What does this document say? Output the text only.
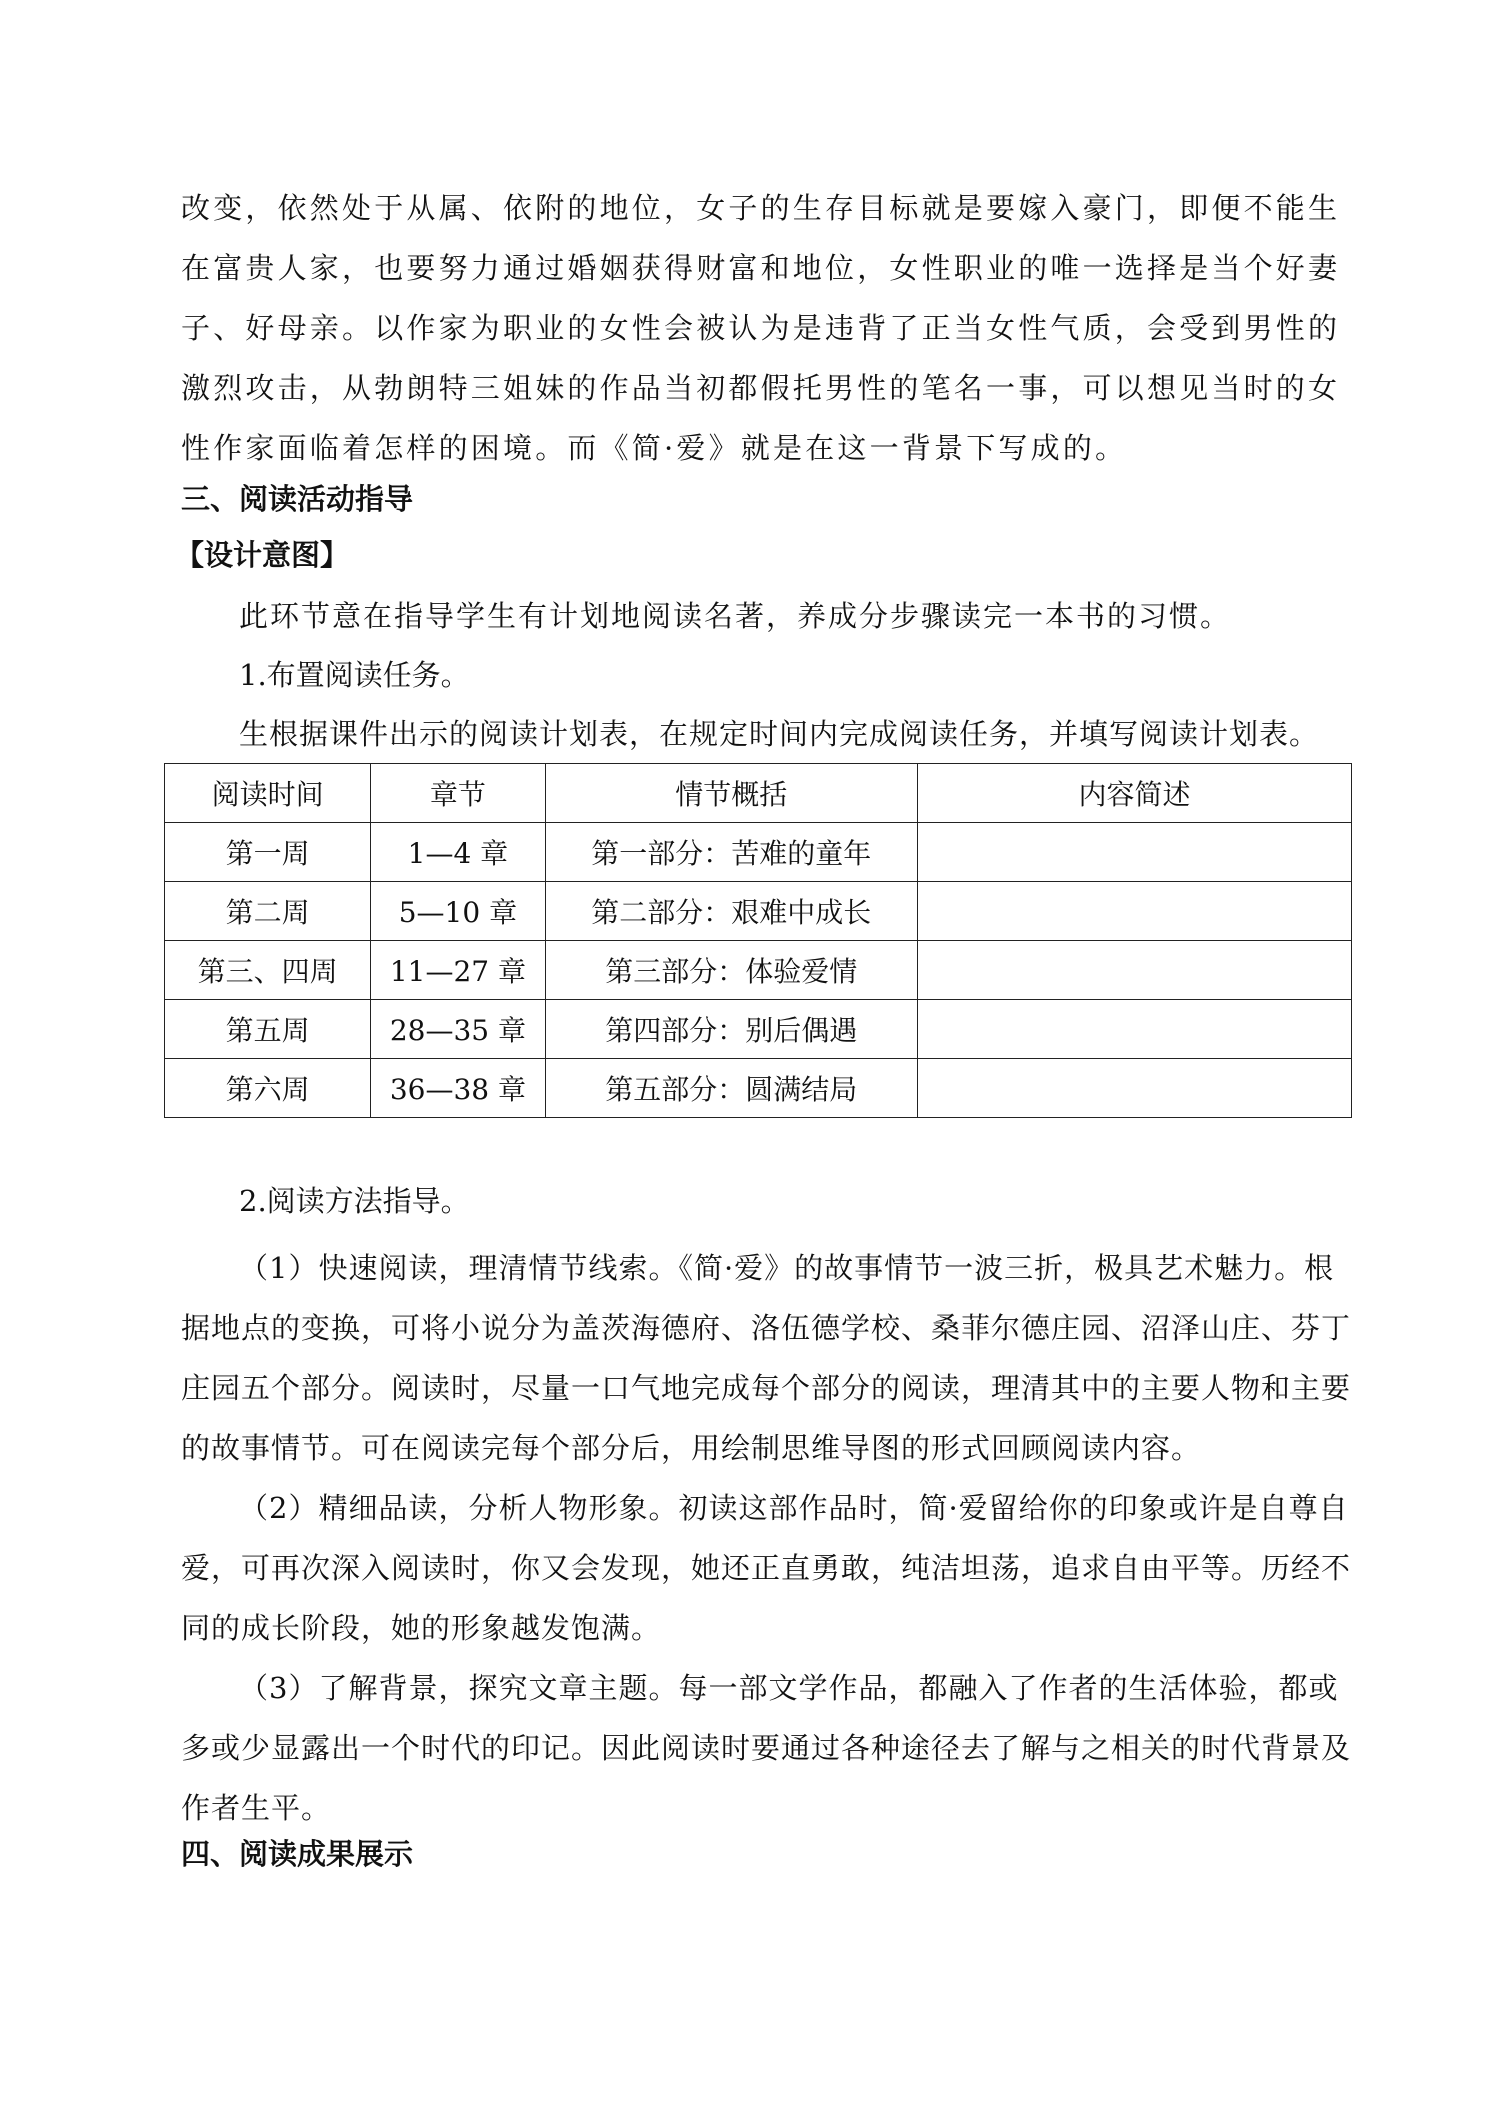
改变，依然处于从属、依附的地位，女子的生存目标就是要嫁入豪门，即便不能生在富贵人家，也要努力通过婚姻获得财富和地位，女性职业的唯一选择是当个好妻子、好母亲。以作家为职业的女性会被认为是违背了正当女性气质，会受到男性的激烈攻击，从勃朗特三姐妹的作品当初都假托男性的笔名一事，可以想见当时的女性作家面临着怎样的困境。而《简·爱》就是在这一背景下写成的。

三、阅读活动指导
【设计意图】
此环节意在指导学生有计划地阅读名著，养成分步骤读完一本书的习惯。
1.布置阅读任务。
生根据课件出示的阅读计划表，在规定时间内完成阅读任务，并填写阅读计划表。
阅读时间	章节	情节概括	内容简述
第一周	1—4 章	第一部分：苦难的童年	
第二周	5—10 章	第二部分：艰难中成长	
第三、四周	11—27 章	第三部分：体验爱情	
第五周	28—35 章	第四部分：别后偶遇	
第六周	36—38 章	第五部分：圆满结局	
2.阅读方法指导。

（1）快速阅读，理清情节线索。《简·爱》的故事情节一波三折，极具艺术魅力。根据地点的变换，可将小说分为盖茨海德府、洛伍德学校、桑菲尔德庄园、沼泽山庄、芬丁庄园五个部分。阅读时，尽量一口气地完成每个部分的阅读，理清其中的主要人物和主要的故事情节。可在阅读完每个部分后，用绘制思维导图的形式回顾阅读内容。

（2）精细品读，分析人物形象。初读这部作品时，简·爱留给你的印象或许是自尊自爱，可再次深入阅读时，你又会发现，她还正直勇敢，纯洁坦荡，追求自由平等。历经不同的成长阶段，她的形象越发饱满。

（3）了解背景，探究文章主题。每一部文学作品，都融入了作者的生活体验，都或多或少显露出一个时代的印记。因此阅读时要通过各种途径去了解与之相关的时代背景及作者生平。

四、阅读成果展示
